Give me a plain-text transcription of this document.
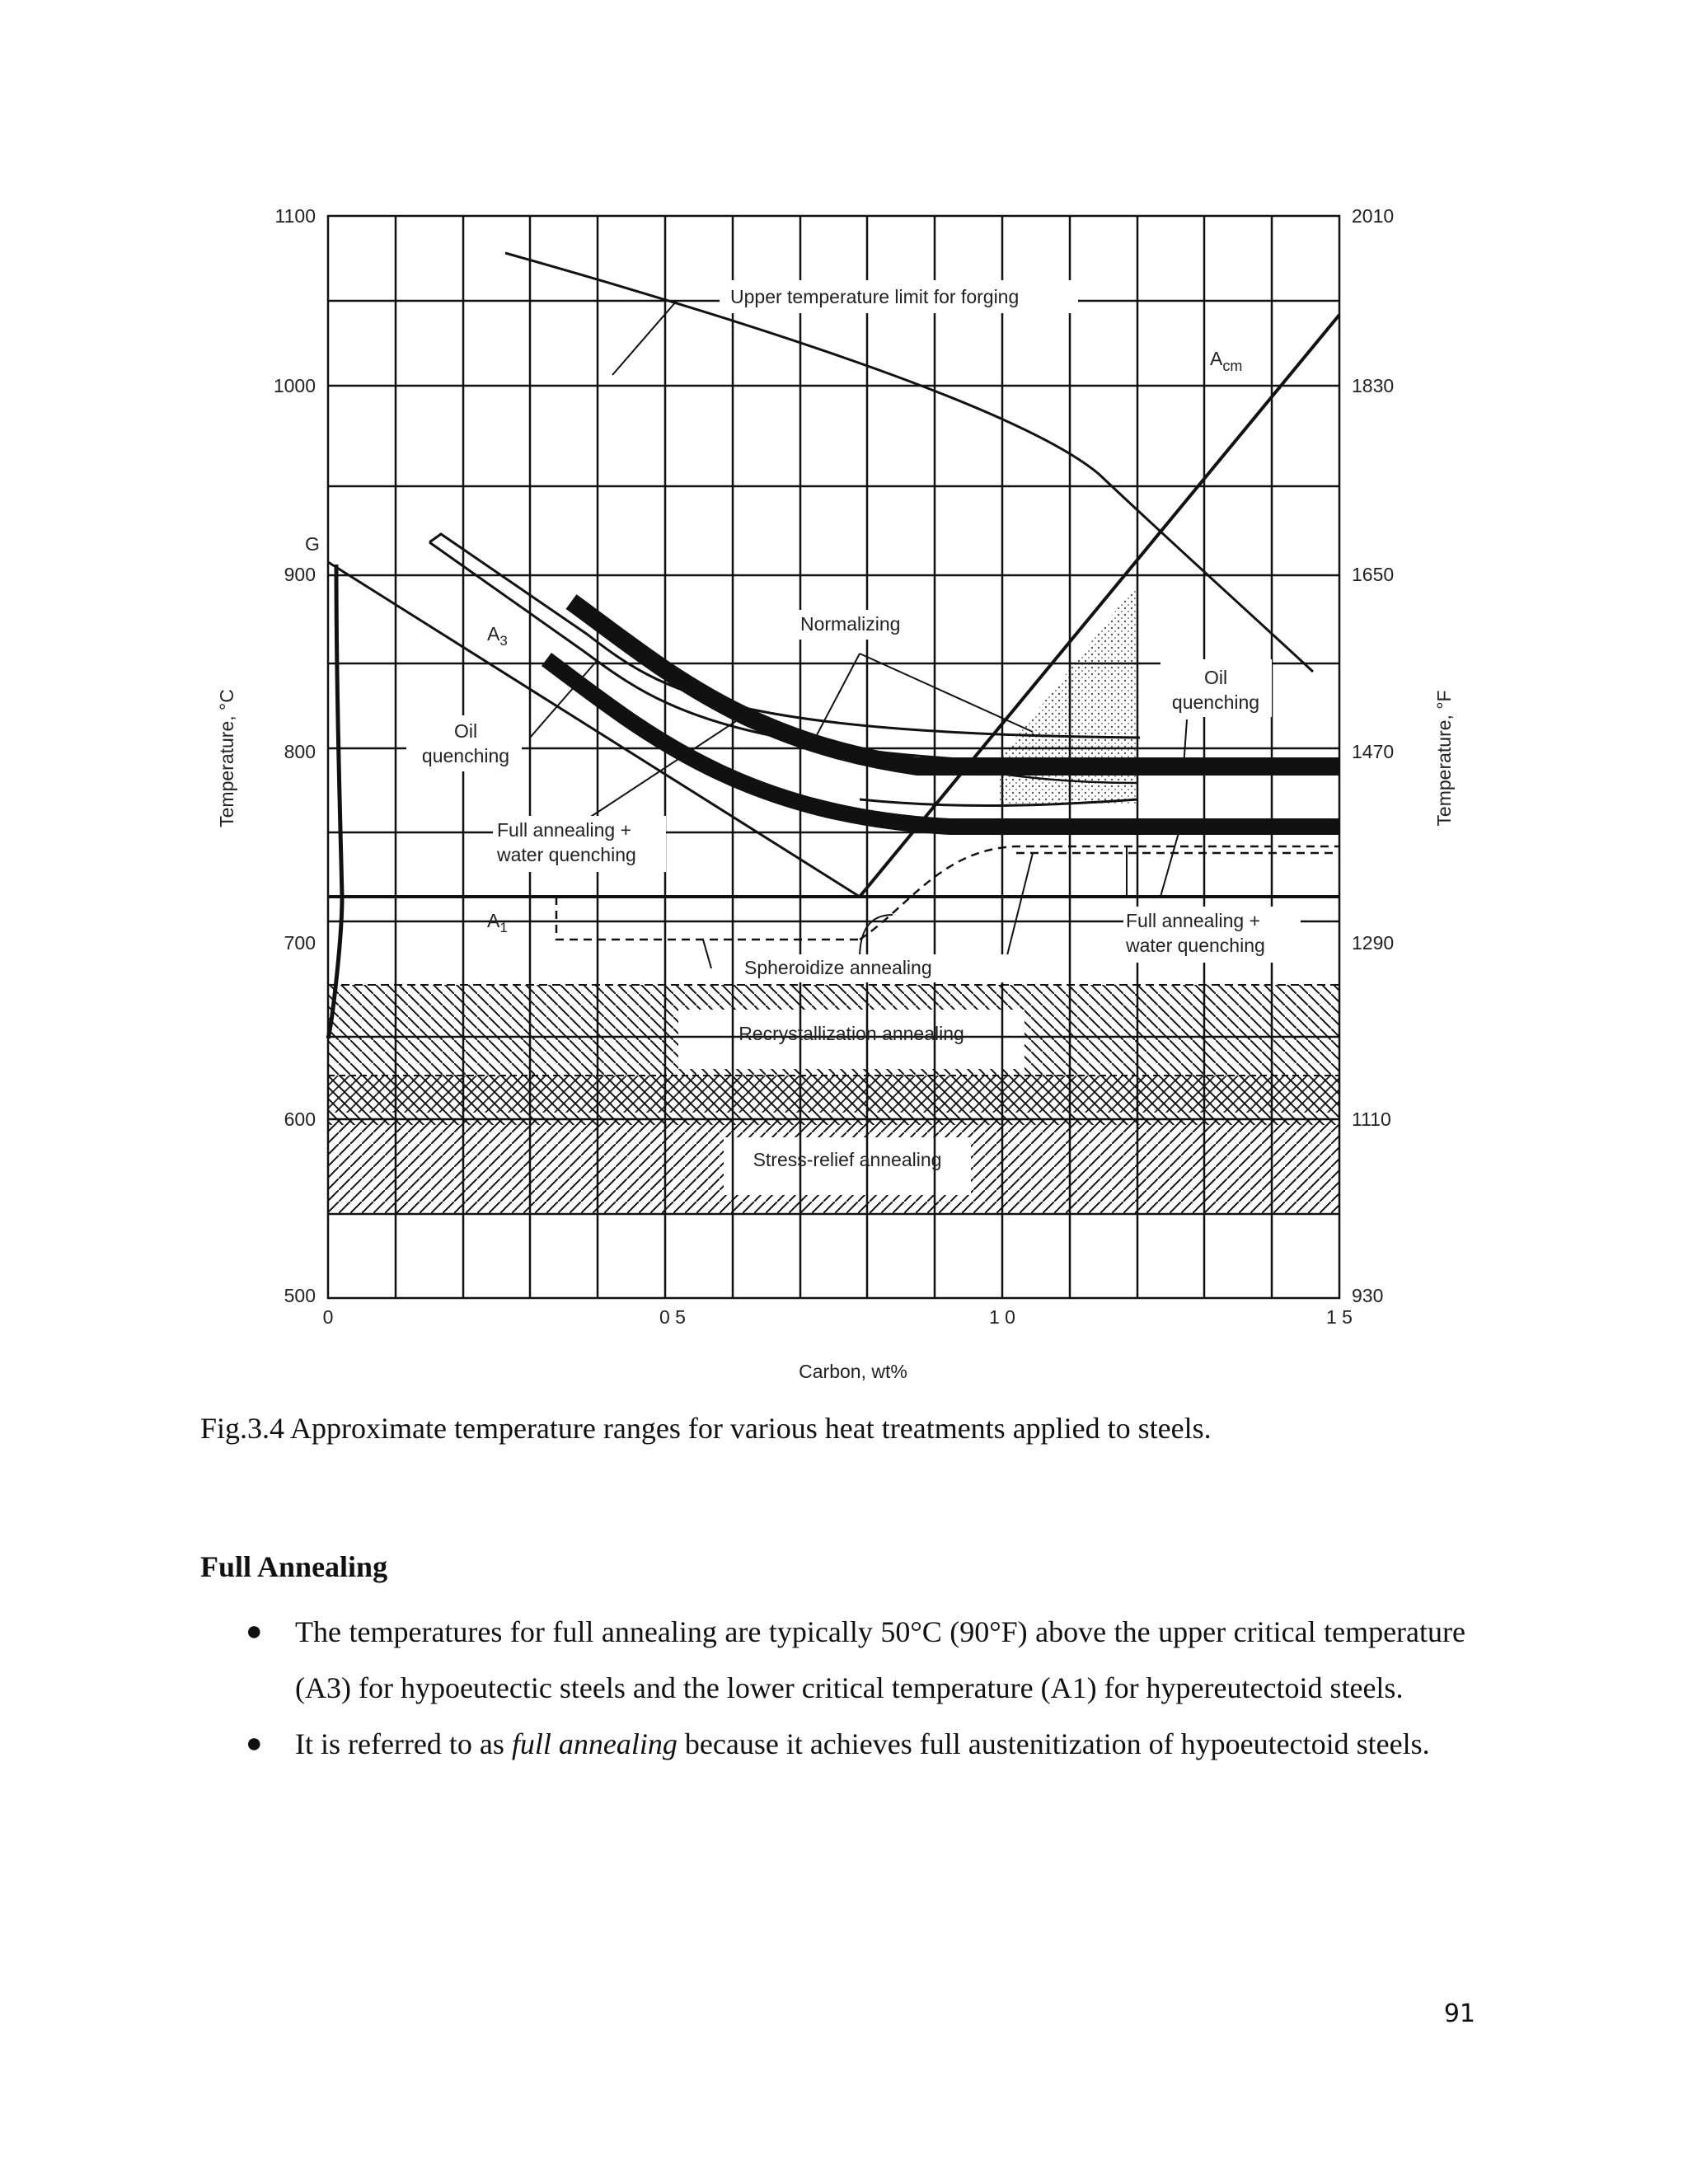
1100
1000
900
800
700
600
500
2010
1830
1650
1470
1290
1110
930
0	0 5	1 0	1 5
Carbon, wt%
Temperature, °C	Temperature, °F
G
$A_3$
$A_1$
$A_{cm}$
Upper temperature limit for forging
Normalizing
Oil
quenching
Oil
quenching
Full annealing +
water quenching
Full annealing +
water quenching
Spheroidize annealing
Recrystallization annealing
Stress-relief annealing
Fig.3.4 Approximate temperature ranges for various heat treatments applied to steels.
Full Annealing
● The temperatures for full annealing are typically 50°C (90°F) above the upper critical temperature (A3) for hypoeutectic steels and the lower critical temperature (A1) for hypereutectoid steels.
● It is referred to as full annealing because it achieves full austenitization of hypoeutectoid steels.
91
